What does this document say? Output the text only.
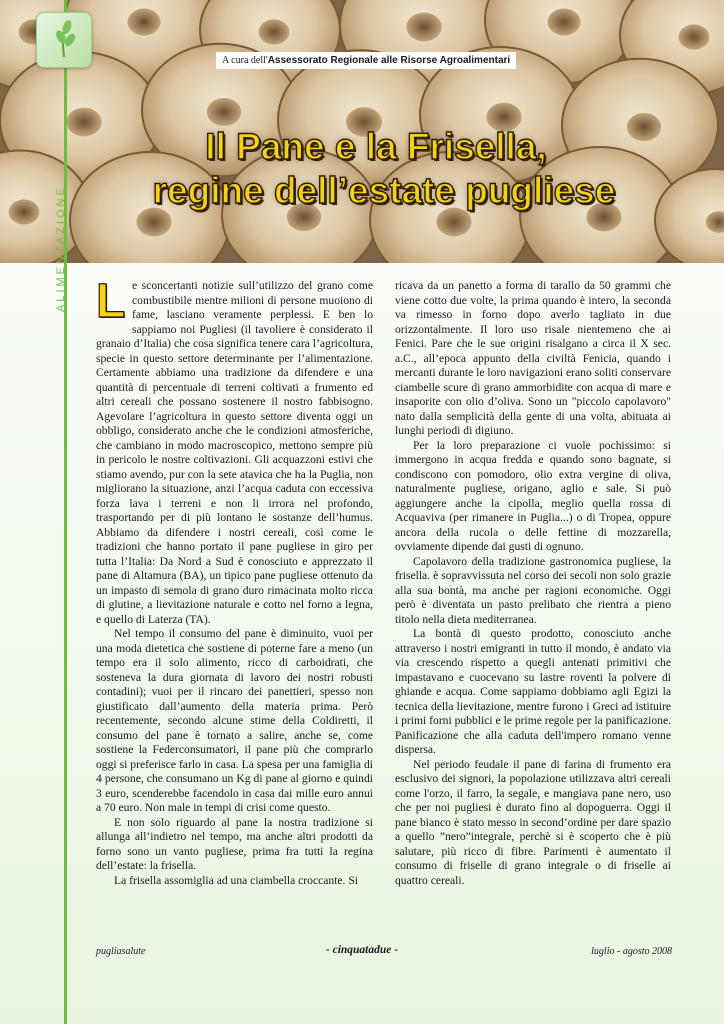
A cura dell'Assessorato Regionale alle Risorse Agroalimentari
Il Pane e la Frisella,
regine dell’estate pugliese
ALIMENTAZIONE L e sconcertanti notizie sull’utilizzo del grano come combustibile mentre milioni di persone muoiono di fame, lasciano veramente perplessi. E ben lo sappiamo noi Pugliesi (il tavoliere è considerato il granaio d’Italia) che cosa significa tenere cara l’agricoltura, specie in questo settore determinante per l’alimentazione. Certamente abbiamo una tradizione da difendere e una quantità di percentuale di terreni coltivati a frumento ed altri cereali che possano sostenere il nostro fabbisogno. Agevolare l’agricoltura in questo settore diventa oggi un obbligo, considerato anche che le condizioni atmosferiche, che cambiano in modo macroscopico, mettono sempre più in pericolo le nostre coltivazioni. Gli acquazzoni estivi che stiamo avendo, pur con la sete atavica che ha la Puglia, non migliorano la situazione, anzi l’acqua caduta con eccessiva forza lava i terreni e non li irrora nel profondo, trasportando per di più lontano le sostanze dell’humus. Abbiamo da difendere i nostri cereali, così come le tradizioni che hanno portato il pane pugliese in giro per tutta l’Italia: Da Nord a Sud è conosciuto e apprezzato il pane di Altamura (BA), un tipico pane pugliese ottenuto da un impasto di semola di grano duro rimacinata molto ricca di glutine, a lievitazione naturale e cotto nel forno a legna, e quello di Laterza (TA).

Nel tempo il consumo del pane è diminuito, vuoi per una moda dietetica che sostiene di poterne fare a meno (un tempo era il solo alimento, ricco di carboidrati, che sosteneva la dura giornata di lavoro dei nostri robusti contadini); vuoi per il rincaro dei panettieri, spesso non giustificato dall’aumento della materia prima. Però recentemente, secondo alcune stime della Coldiretti, il consumo del pane è tornato a salire, anche se, come sostiene la Federconsumatori, il pane più che comprarlo oggi si preferisce farlo in casa. La spesa per una famiglia di 4 persone, che consumano un Kg di pane al giorno e quindi 3 euro, scenderebbe facendolo in casa dai mille euro annui a 70 euro. Non male in tempi di crisi come questo.

E non solo riguardo al pane la nostra tradizione si allunga all’indietro nel tempo, ma anche altri prodotti da forno sono un vanto pugliese, prima fra tutti la regina dell’estate: la frisella.

La frisella assomiglia ad una ciambella croccante. Si

ricava da un panetto a forma di tarallo da 50 grammi che viene cotto due volte, la prima quando è intero, la seconda va rimesso in forno dopo averlo tagliato in due orizzontalmente. Il loro uso risale nientemeno che ai Fenici. Pare che le sue origini risalgano a circa il X sec. a.C., all’epoca appunto della civiltà Fenicia, quando i mercanti durante le loro navigazioni erano soliti conservare ciambelle scure di grano ammorbidite con acqua di mare e insaporite con olio d’oliva. Sono un "piccolo capolavoro" nato dalla semplicità della gente di una volta, abituata ai lunghi periodi di digiuno.

Per la loro preparazione ci vuole pochissimo: si immergono in acqua fredda e quando sono bagnate, si condiscono con pomodoro, olio extra vergine di oliva, naturalmente pugliese, origano, aglio e sale. Si può aggiungere anche la cipolla, meglio quella rossa di Acquaviva (per rimanere in Puglia...) o di Tropea, oppure ancora della rucola o delle fettine di mozzarella, ovviamente dipende dai gusti di ognuno.

Capolavoro della tradizione gastronomica pugliese, la frisella. è sopravvissuta nel corso dei secoli non solo grazie alla sua bontà, ma anche per ragioni economiche. Oggi però è diventata un pasto prelibato che rientra a pieno titolo nella dieta mediterranea.

La bontà di questo prodotto, conosciuto anche attraverso i nostri emigranti in tutto il mondo, è andato via via crescendo rispetto a quegli antenati primitivi che impastavano e cuocevano su lastre roventi la polvere di ghiande e acqua. Come sappiamo dobbiamo agli Egizi la tecnica della lievitazione, mentre furono i Greci ad istituire i primi forni pubblici e le prime regole per la panificazione. Panificazione che alla caduta dell'impero romano venne dispersa.

Nel periodo feudale il pane di farina di frumento era esclusivo dei signori, la popolazione utilizzava altri cereali come l'orzo, il farro, la segale, e mangiava pane nero, uso che per noi pugliesi è durato fino al dopoguerra. Oggi il pane bianco è stato messo in second’ordine per dare spazio a quello ”nero”integrale, perchè si è scoperto che è più salutare, più ricco di fibre. Parimenti è aumentato il consumo di friselle di grano integrale o di friselle ai quattro cereali.

pugliasalute	- cinquatadue -	luglio - agosto 2008
